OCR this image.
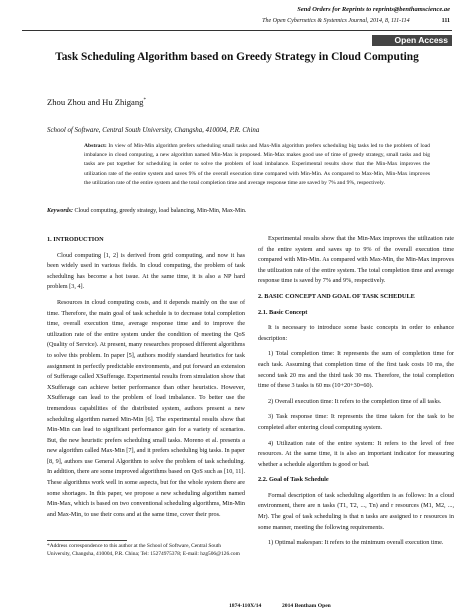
Send Orders for Reprints to reprints@benthamscience.ae
The Open Cybernetics & Systemics Journal, 2014, 8, 111-114	111
Open Access
Task Scheduling Algorithm based on Greedy Strategy in Cloud Computing
Zhou Zhou and Hu Zhigang*
School of Software, Central South University, Changsha, 410004, P.R. China
Abstract: In view of Min-Min algorithm prefers scheduling small tasks and Max-Min algorithm prefers scheduling big tasks led to the problem of load imbalance in cloud computing, a new algorithm named Min-Max is proposed. Min-Max makes good use of time of greedy strategy, small tasks and big tasks are put together for scheduling in order to solve the problem of load imbalance. Experimental results show that the Min-Max improves the utilization rate of the entire system and saves 9% of the overall execution time compared with Min-Min. As compared to Max-Min, Min-Max improves the utilization rate of the entire system and the total completion time and average response time are saved by 7% and 9%, respectively.
Keywords: Cloud computing, greedy strategy, load balancing, Min-Min, Max-Min.
1. INTRODUCTION

Cloud computing [1, 2] is derived from grid computing, and now it has been widely used in various fields. In cloud computing, the problem of task scheduling has become a hot issue. At the same time, it is also a NP hard problem [3, 4].

Resources in cloud computing costs, and it depends mainly on the use of time. Therefore, the main goal of task schedule is to decrease total completion time, overall execution time, average response time and to improve the utilization rate of the entire system under the condition of meeting the QoS (Quality of Service). At present, many researches proposed different algorithms to solve this problem. In paper [5], authors modify standard heuristics for task assignment in perfectly predictable environments, and put forward an extension of Sufferage called XSufferage. Experimental results from simulation show that XSufferage can achieve better performance than other heuristics. However, XSufferage can lead to the problem of load imbalance. To better use the tremendous capabilities of the distributed system, authors present a new scheduling algorithm named Min-Min [6]. The experimental results show that Min-Min can lead to significant performance gain for a variety of scenarios. But, the new heuristic prefers scheduling small tasks. Moreno et al. presents a new algorithm called Max-Min [7], and it prefers scheduling big tasks. In paper [8, 9], authors use General Algorithm to solve the problem of task scheduling. In addition, there are some improved algorithms based on QoS such as [10, 11]. These algorithms work well in some aspects, but for the whole system there are some shortages. In this paper, we propose a new scheduling algorithm named Min-Max, which is based on two conventional scheduling algorithms, Min-Min and Max-Min, to use their cons and at the same time, cover their pros.

*Address correspondence to this author at the School of Software, Central South University, Changsha, 410004, P.R. China; Tel: 15274975378; E-mail: hzg506@126.com

Experimental results show that the Min-Max improves the utilization rate of the entire system and saves up to 9% of the overall execution time compared with Min-Min. As compared with Max-Min, the Min-Max improves the utilization rate of the entire system. The total completion time and average response time is saved by 7% and 9%, respectively.

2. BASIC CONCEPT AND GOAL OF TASK SCHEDULE
2.1. Basic Concept

It is necessary to introduce some basic concepts in order to enhance description:

1) Total completion time: It represents the sum of completion time for each task. Assuming that completion time of the first task costs 10 ms, the second task 20 ms and the third task 30 ms. Therefore, the total completion time of these 3 tasks is 60 ms (10+20+30=60).

2) Overall execution time: It refers to the completion time of all tasks.

3) Task response time: It represents the time taken for the task to be completed after entering cloud computing system.

4) Utilization rate of the entire system: It refers to the level of free resources. At the same time, it is also an important indicator for measuring whether a schedule algorithm is good or bad.

2.2. Goal of Task Schedule

Formal description of task scheduling algorithm is as follows: In a cloud environment, there are n tasks (T1, T2, ..., Tn) and r resources (M1, M2, ..., Mr). The goal of task scheduling is that n tasks are assigned to r resources in some manner, meeting the following requirements.

1) Optimal makespan: It refers to the minimum overall execution time.

1874-110X/14	2014 Bentham Open
